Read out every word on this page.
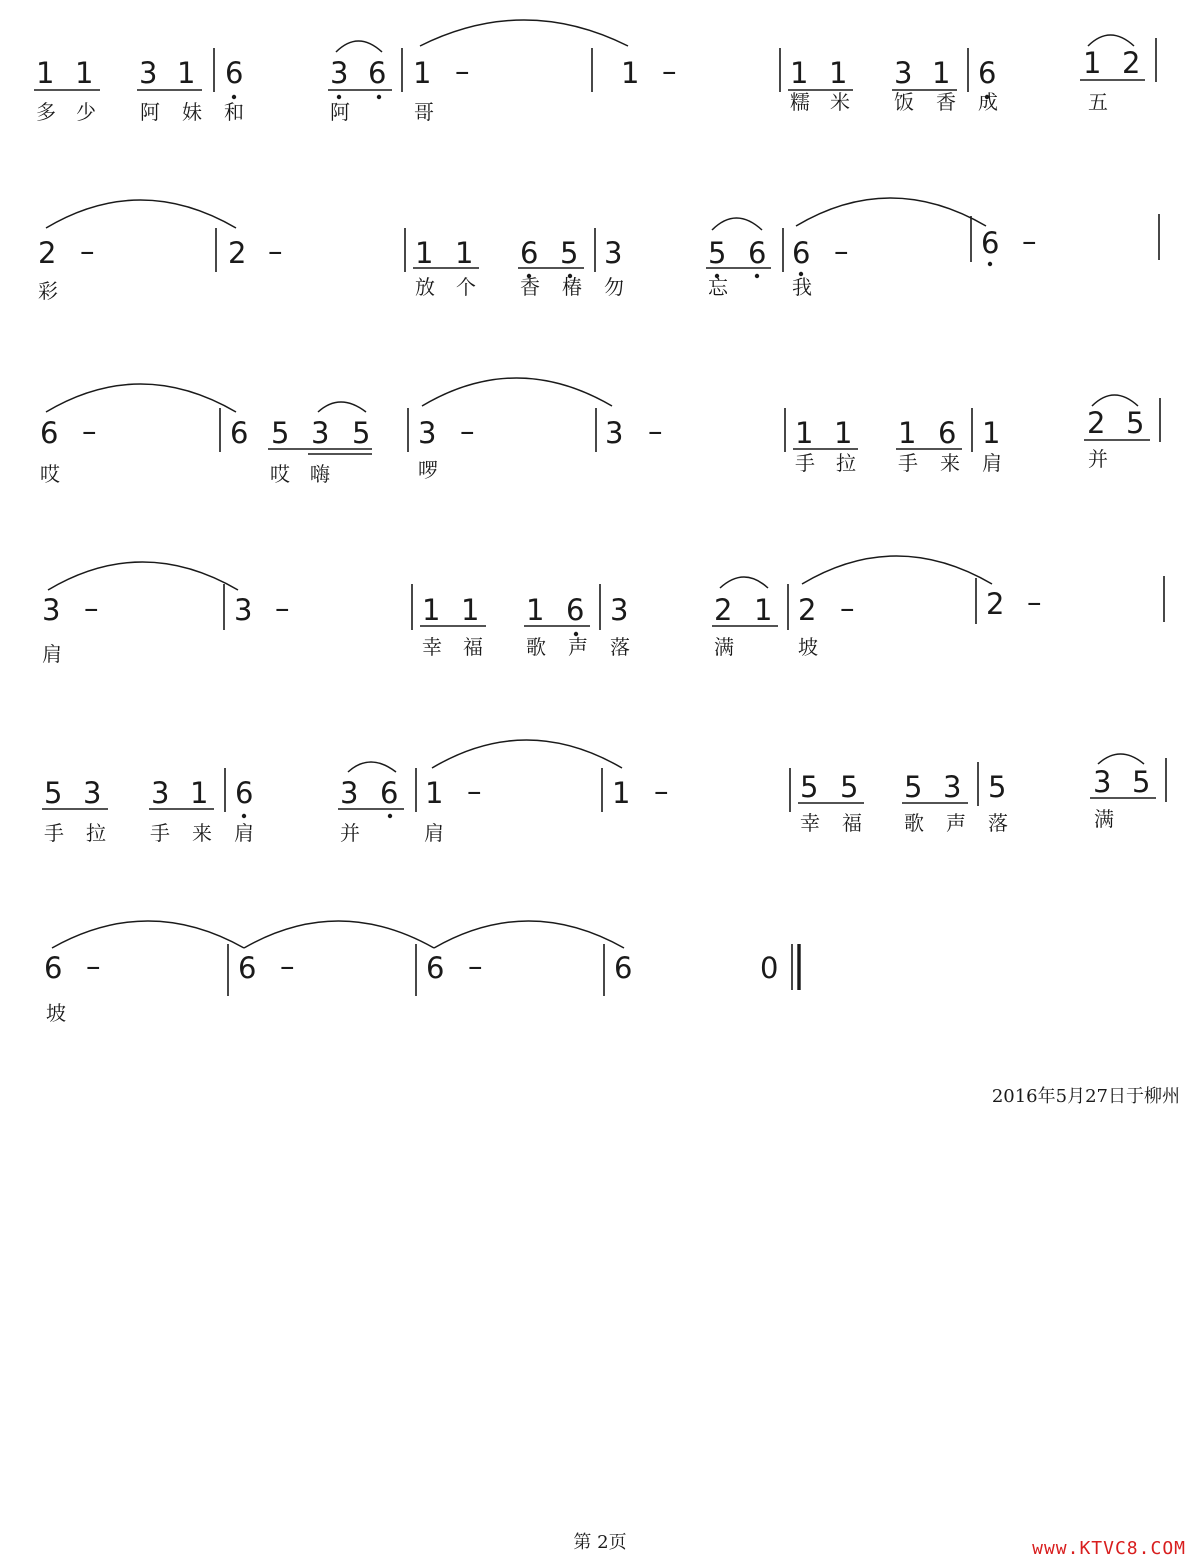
1 1 3 1 6	3 6 1 –	1 –	1 1 3 1 6	1 2
多 少 阿 妹 和	阿	哥	糯 米 饭 香 成	五
2 –	2 –	1 1 6 5 3	5 6 6 –	6 –
彩	放 个 香 椿 勿	忘	我
6 –	6 5 3 5 3 –	3 –	1 1 1 6 1	2 5
哎	哎 嗨	啰	手 拉 手 来 肩	并
3 –	3 –	1 1 1 6 3	2 1 2 –	2 –
肩	幸 福 歌 声 落	满	坡
5 3 3 1 6	3 6 1 –	1 –	5 5 5 3 5	3 5
手 拉 手 来 肩	并	肩	幸 福 歌 声 落	满
6 –	6 –	6 –	6	0
坡
2016年5月27日于柳州
第 2页	www.KTVC8.COM
